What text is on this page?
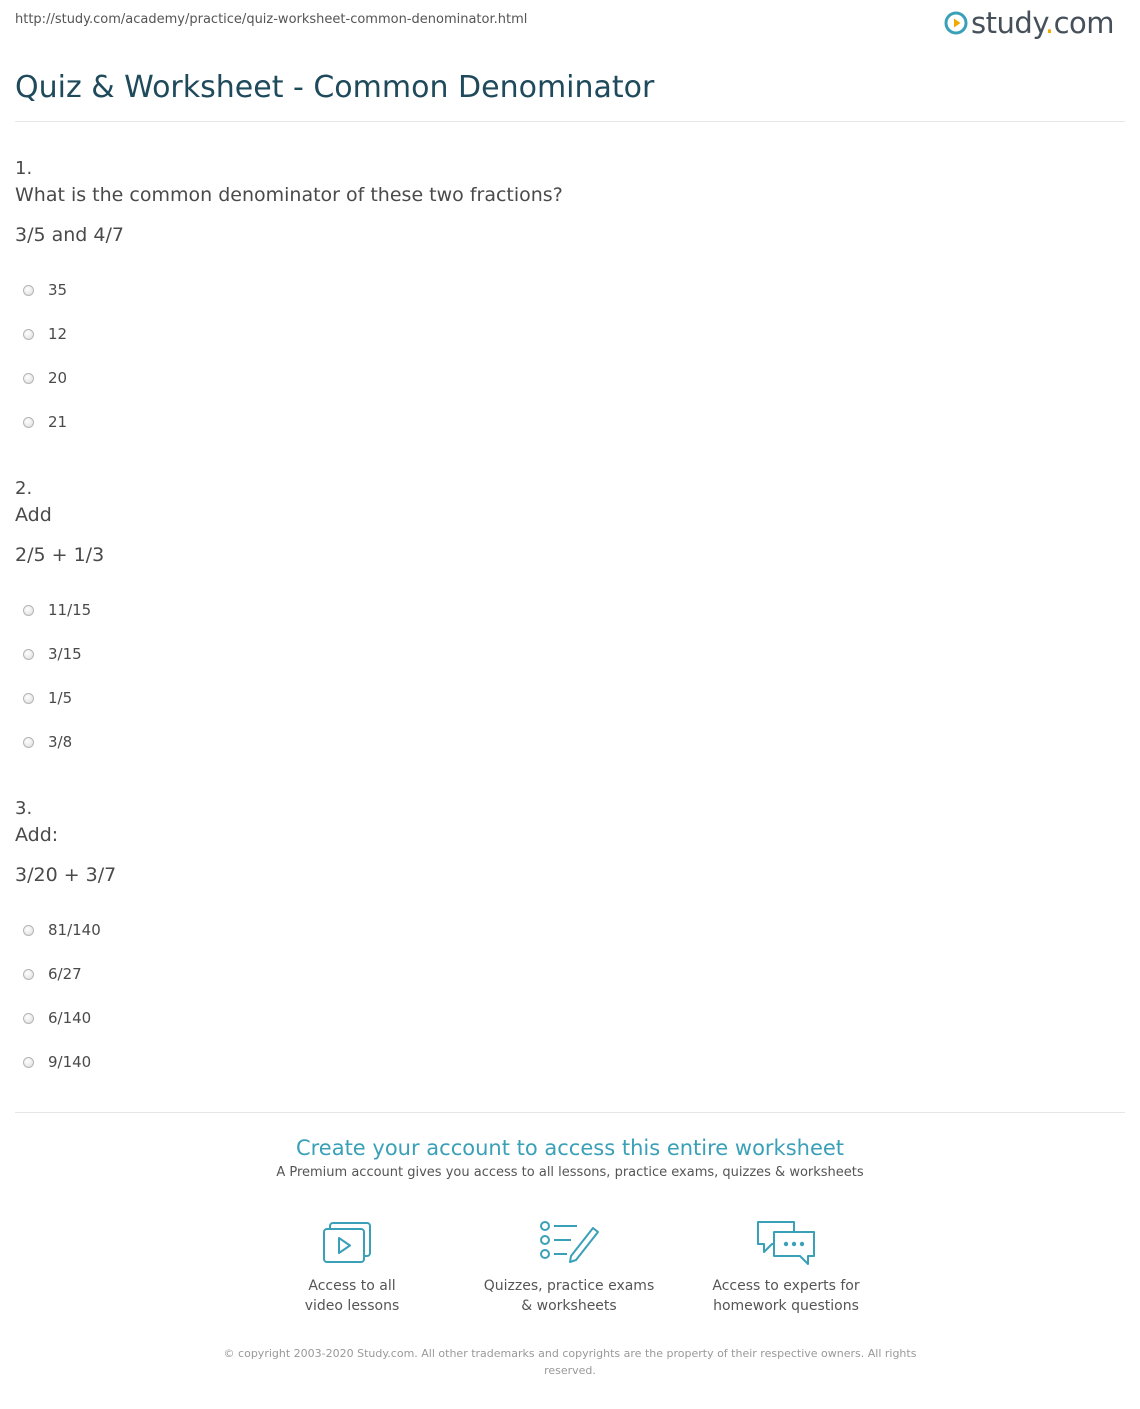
http://study.com/academy/practice/quiz-worksheet-common-denominator.html	study.com
Quiz & Worksheet - Common Denominator
1.
What is the common denominator of these two fractions?
3/5 and 4/7
35
12
20
21
2.
Add
2/5 + 1/3
11/15
3/15
1/5
3/8
3.
Add:
3/20 + 3/7
81/140
6/27
6/140
9/140
Create your account to access this entire worksheet
A Premium account gives you access to all lessons, practice exams, quizzes & worksheets
Access to all
video lessons
Quizzes, practice exams
& worksheets
Access to experts for
homework questions
© copyright 2003-2020 Study.com. All other trademarks and copyrights are the property of their respective owners. All rights reserved.
